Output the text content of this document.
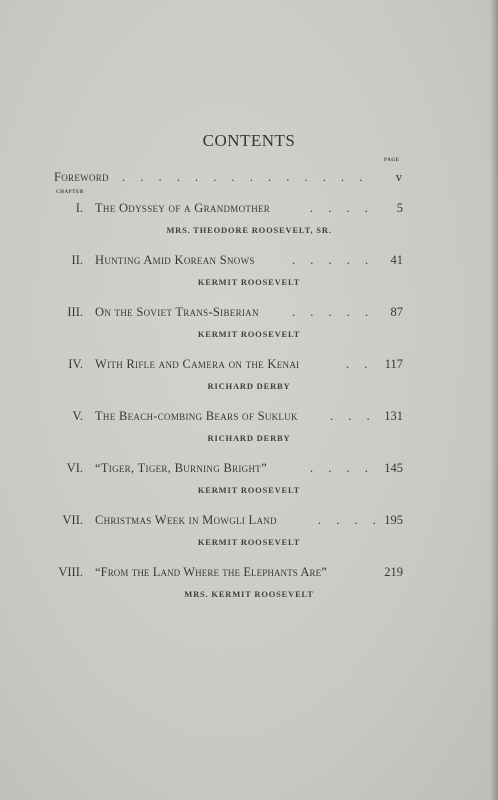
CONTENTS
PAGE
Foreword . . . . . . . . . . . . . . v
CHAPTER
I. The Odyssey of a Grandmother	. . . . 5
MRS. THEODORE ROOSEVELT, SR.
II. Hunting Amid Korean Snows	. . . . . 41
KERMIT ROOSEVELT
III. On the Soviet Trans-Siberian	. . . . . 87
KERMIT ROOSEVELT
IV. With Rifle and Camera on the Kenai	. . 117
RICHARD DERBY
V. The Beach-combing Bears of Sukluk	. . . 131
RICHARD DERBY
VI. “Tiger, Tiger, Burning Bright”	. . . . 145
KERMIT ROOSEVELT
VII. Christmas Week in Mowgli Land	. . . . 195
KERMIT ROOSEVELT
VIII. “From the Land Where the Elephants Are”	219
MRS. KERMIT ROOSEVELT
